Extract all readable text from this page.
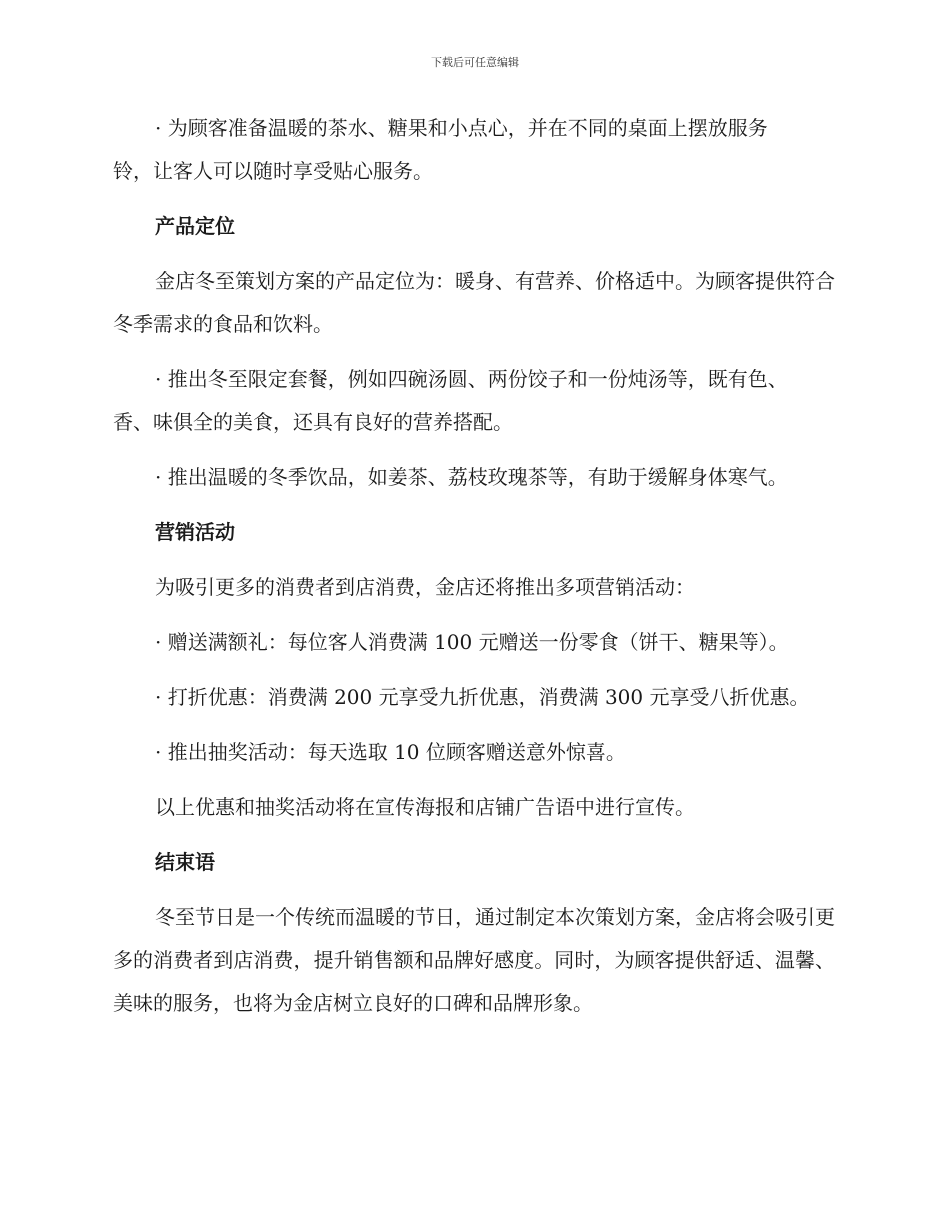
下载后可任意编辑

· 为顾客准备温暖的茶水、糖果和小点心，并在不同的桌面上摆放服务铃，让客人可以随时享受贴心服务。

产品定位

金店冬至策划方案的产品定位为：暖身、有营养、价格适中。为顾客提供符合冬季需求的食品和饮料。

· 推出冬至限定套餐，例如四碗汤圆、两份饺子和一份炖汤等，既有色、香、味俱全的美食，还具有良好的营养搭配。

· 推出温暖的冬季饮品，如姜茶、荔枝玫瑰茶等，有助于缓解身体寒气。

营销活动

为吸引更多的消费者到店消费，金店还将推出多项营销活动：

· 赠送满额礼：每位客人消费满 100 元赠送一份零食（饼干、糖果等）。

· 打折优惠：消费满 200 元享受九折优惠，消费满 300 元享受八折优惠。

· 推出抽奖活动：每天选取 10 位顾客赠送意外惊喜。

以上优惠和抽奖活动将在宣传海报和店铺广告语中进行宣传。

结束语

冬至节日是一个传统而温暖的节日，通过制定本次策划方案，金店将会吸引更多的消费者到店消费，提升销售额和品牌好感度。同时，为顾客提供舒适、温馨、美味的服务，也将为金店树立良好的口碑和品牌形象。
